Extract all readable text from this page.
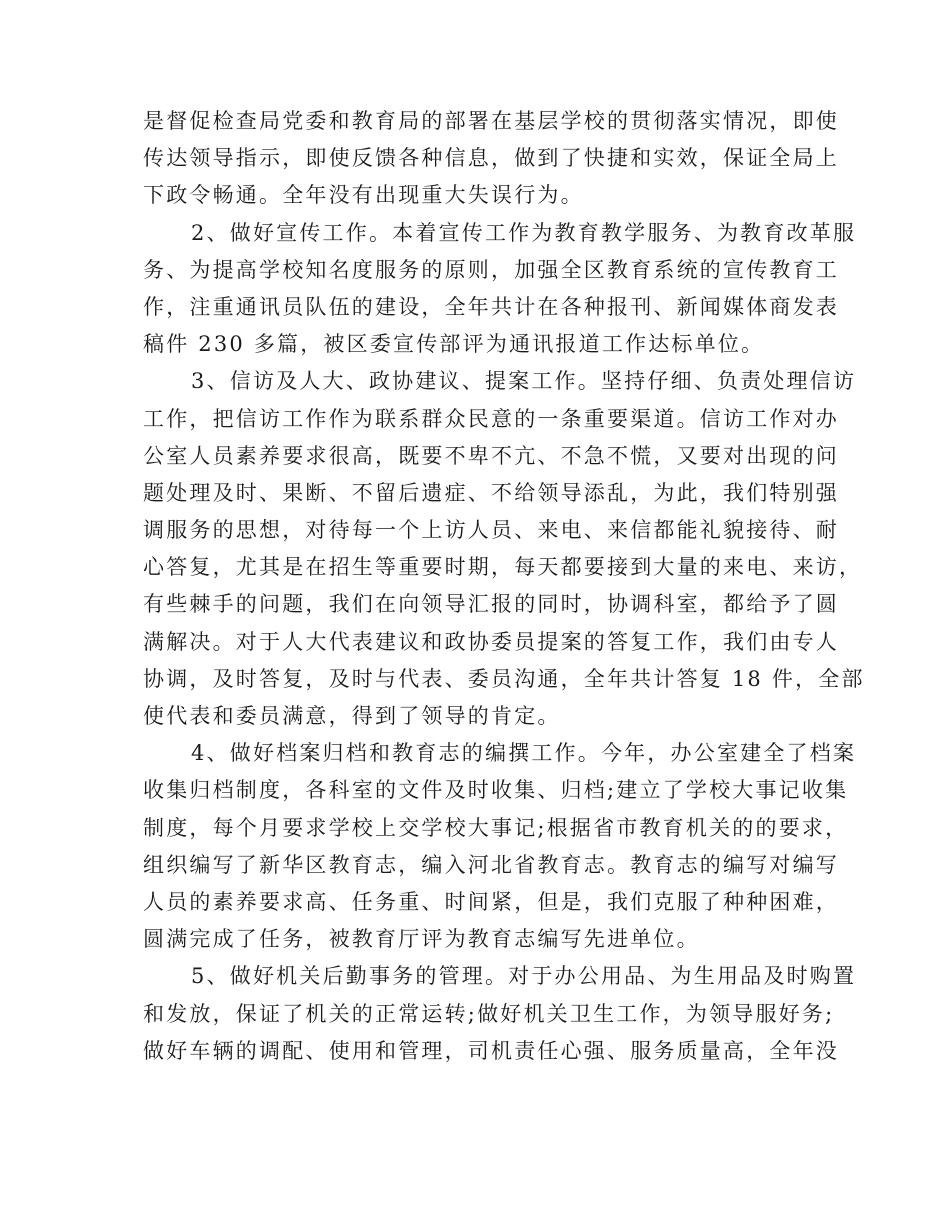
是督促检查局党委和教育局的部署在基层学校的贯彻落实情况，即使
传达领导指示，即使反馈各种信息，做到了快捷和实效，保证全局上
下政令畅通。全年没有出现重大失误行为。
2、做好宣传工作。本着宣传工作为教育教学服务、为教育改革服
务、为提高学校知名度服务的原则，加强全区教育系统的宣传教育工
作，注重通讯员队伍的建设，全年共计在各种报刊、新闻媒体商发表
稿件 230 多篇，被区委宣传部评为通讯报道工作达标单位。
3、信访及人大、政协建议、提案工作。坚持仔细、负责处理信访
工作，把信访工作作为联系群众民意的一条重要渠道。信访工作对办
公室人员素养要求很高，既要不卑不亢、不急不慌，又要对出现的问
题处理及时、果断、不留后遗症、不给领导添乱，为此，我们特别强
调服务的思想，对待每一个上访人员、来电、来信都能礼貌接待、耐
心答复，尤其是在招生等重要时期，每天都要接到大量的来电、来访，
有些棘手的问题，我们在向领导汇报的同时，协调科室，都给予了圆
满解决。对于人大代表建议和政协委员提案的答复工作，我们由专人
协调，及时答复，及时与代表、委员沟通，全年共计答复 18 件，全部
使代表和委员满意，得到了领导的肯定。
4、做好档案归档和教育志的编撰工作。今年，办公室建全了档案
收集归档制度，各科室的文件及时收集、归档;建立了学校大事记收集
制度，每个月要求学校上交学校大事记;根据省市教育机关的的要求，
组织编写了新华区教育志，编入河北省教育志。教育志的编写对编写
人员的素养要求高、任务重、时间紧，但是，我们克服了种种困难，
圆满完成了任务，被教育厅评为教育志编写先进单位。
5、做好机关后勤事务的管理。对于办公用品、为生用品及时购置
和发放，保证了机关的正常运转;做好机关卫生工作，为领导服好务;
做好车辆的调配、使用和管理，司机责任心强、服务质量高，全年没
